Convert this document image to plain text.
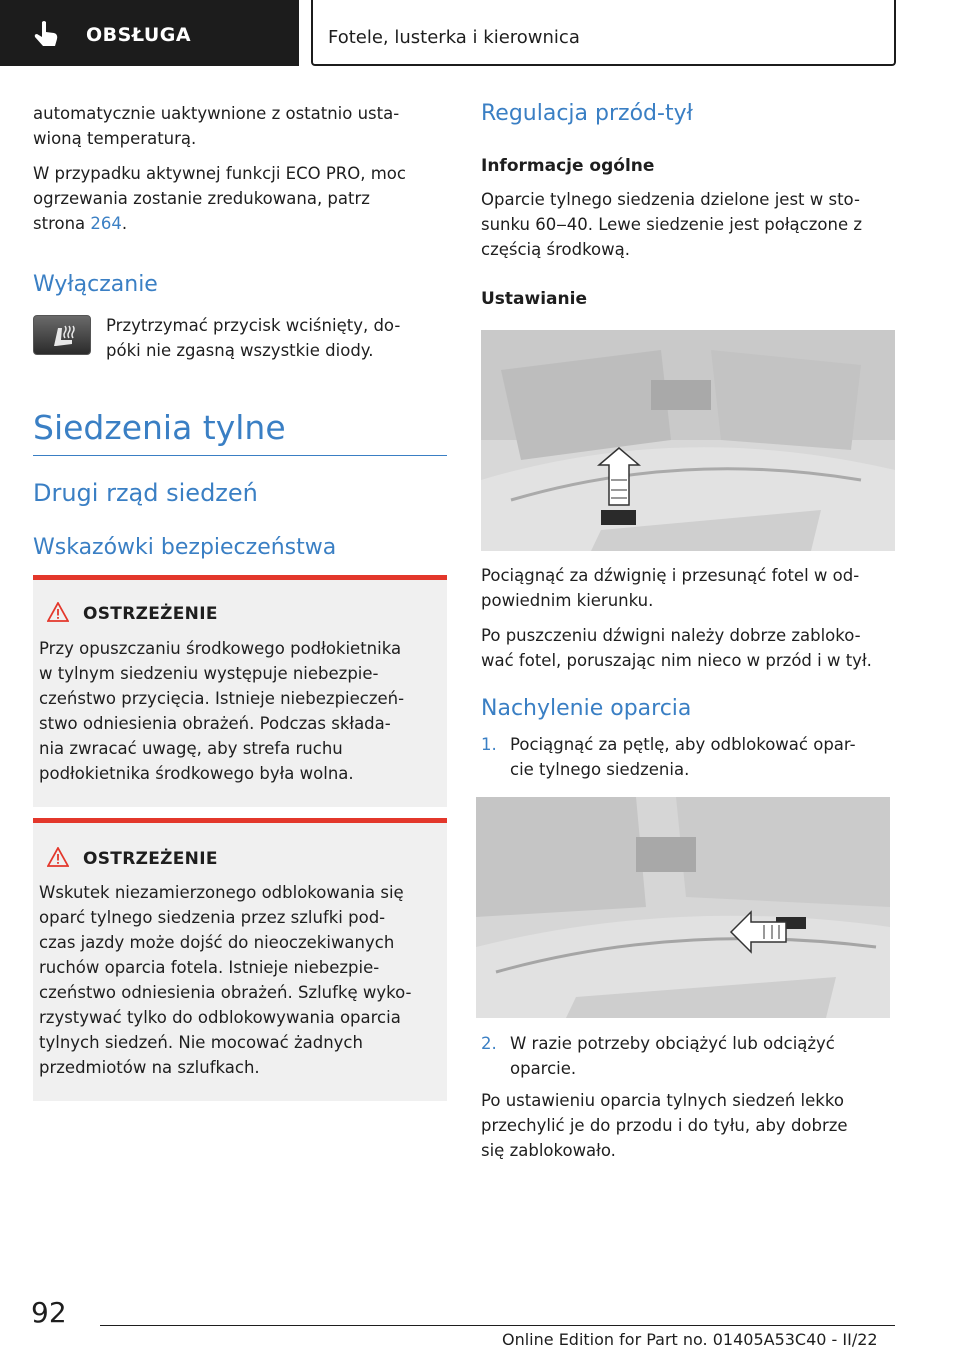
OBSŁUGA	Fotele, lusterka i kierownica
automatycznie uaktywnione z ostatnio usta-
wioną temperaturą.
W przypadku aktywnej funkcji ECO PRO, moc
ogrzewania zostanie zredukowana, patrz
strona 264.
Wyłączanie
Przytrzymać przycisk wciśnięty, do-
póki nie zgasną wszystkie diody.
Siedzenia tylne
Drugi rząd siedzeń
Wskazówki bezpieczeństwa
OSTRZEŻENIE
Przy opuszczaniu środkowego podłokietnika
w tylnym siedzeniu występuje niebezpie-
czeństwo przycięcia. Istnieje niebezpieczeń-
stwo odniesienia obrażeń. Podczas składa-
nia zwracać uwagę, aby strefa ruchu
podłokietnika środkowego była wolna.
OSTRZEŻENIE
Wskutek niezamierzonego odblokowania się
oparć tylnego siedzenia przez szlufki pod-
czas jazdy może dojść do nieoczekiwanych
ruchów oparcia fotela. Istnieje niebezpie-
czeństwo odniesienia obrażeń. Szlufkę wyko-
rzystywać tylko do odblokowywania oparcia
tylnych siedzeń. Nie mocować żadnych
przedmiotów na szlufkach.
Regulacja przód-tył
Informacje ogólne
Oparcie tylnego siedzenia dzielone jest w sto-
sunku 60‒40. Lewe siedzenie jest połączone z
częścią środkową.
Ustawianie
Pociągnąć za dźwignię i przesunąć fotel w od-
powiednim kierunku.
Po puszczeniu dźwigni należy dobrze zabloko-
wać fotel, poruszając nim nieco w przód i w tył.
Nachylenie oparcia
1. Pociągnąć za pętlę, aby odblokować opar-
cie tylnego siedzenia.
2. W razie potrzeby obciążyć lub odciążyć
oparcie.
Po ustawieniu oparcia tylnych siedzeń lekko
przechylić je do przodu i do tyłu, aby dobrze
się zablokowało.
92
Online Edition for Part no. 01405A53C40 - II/22
